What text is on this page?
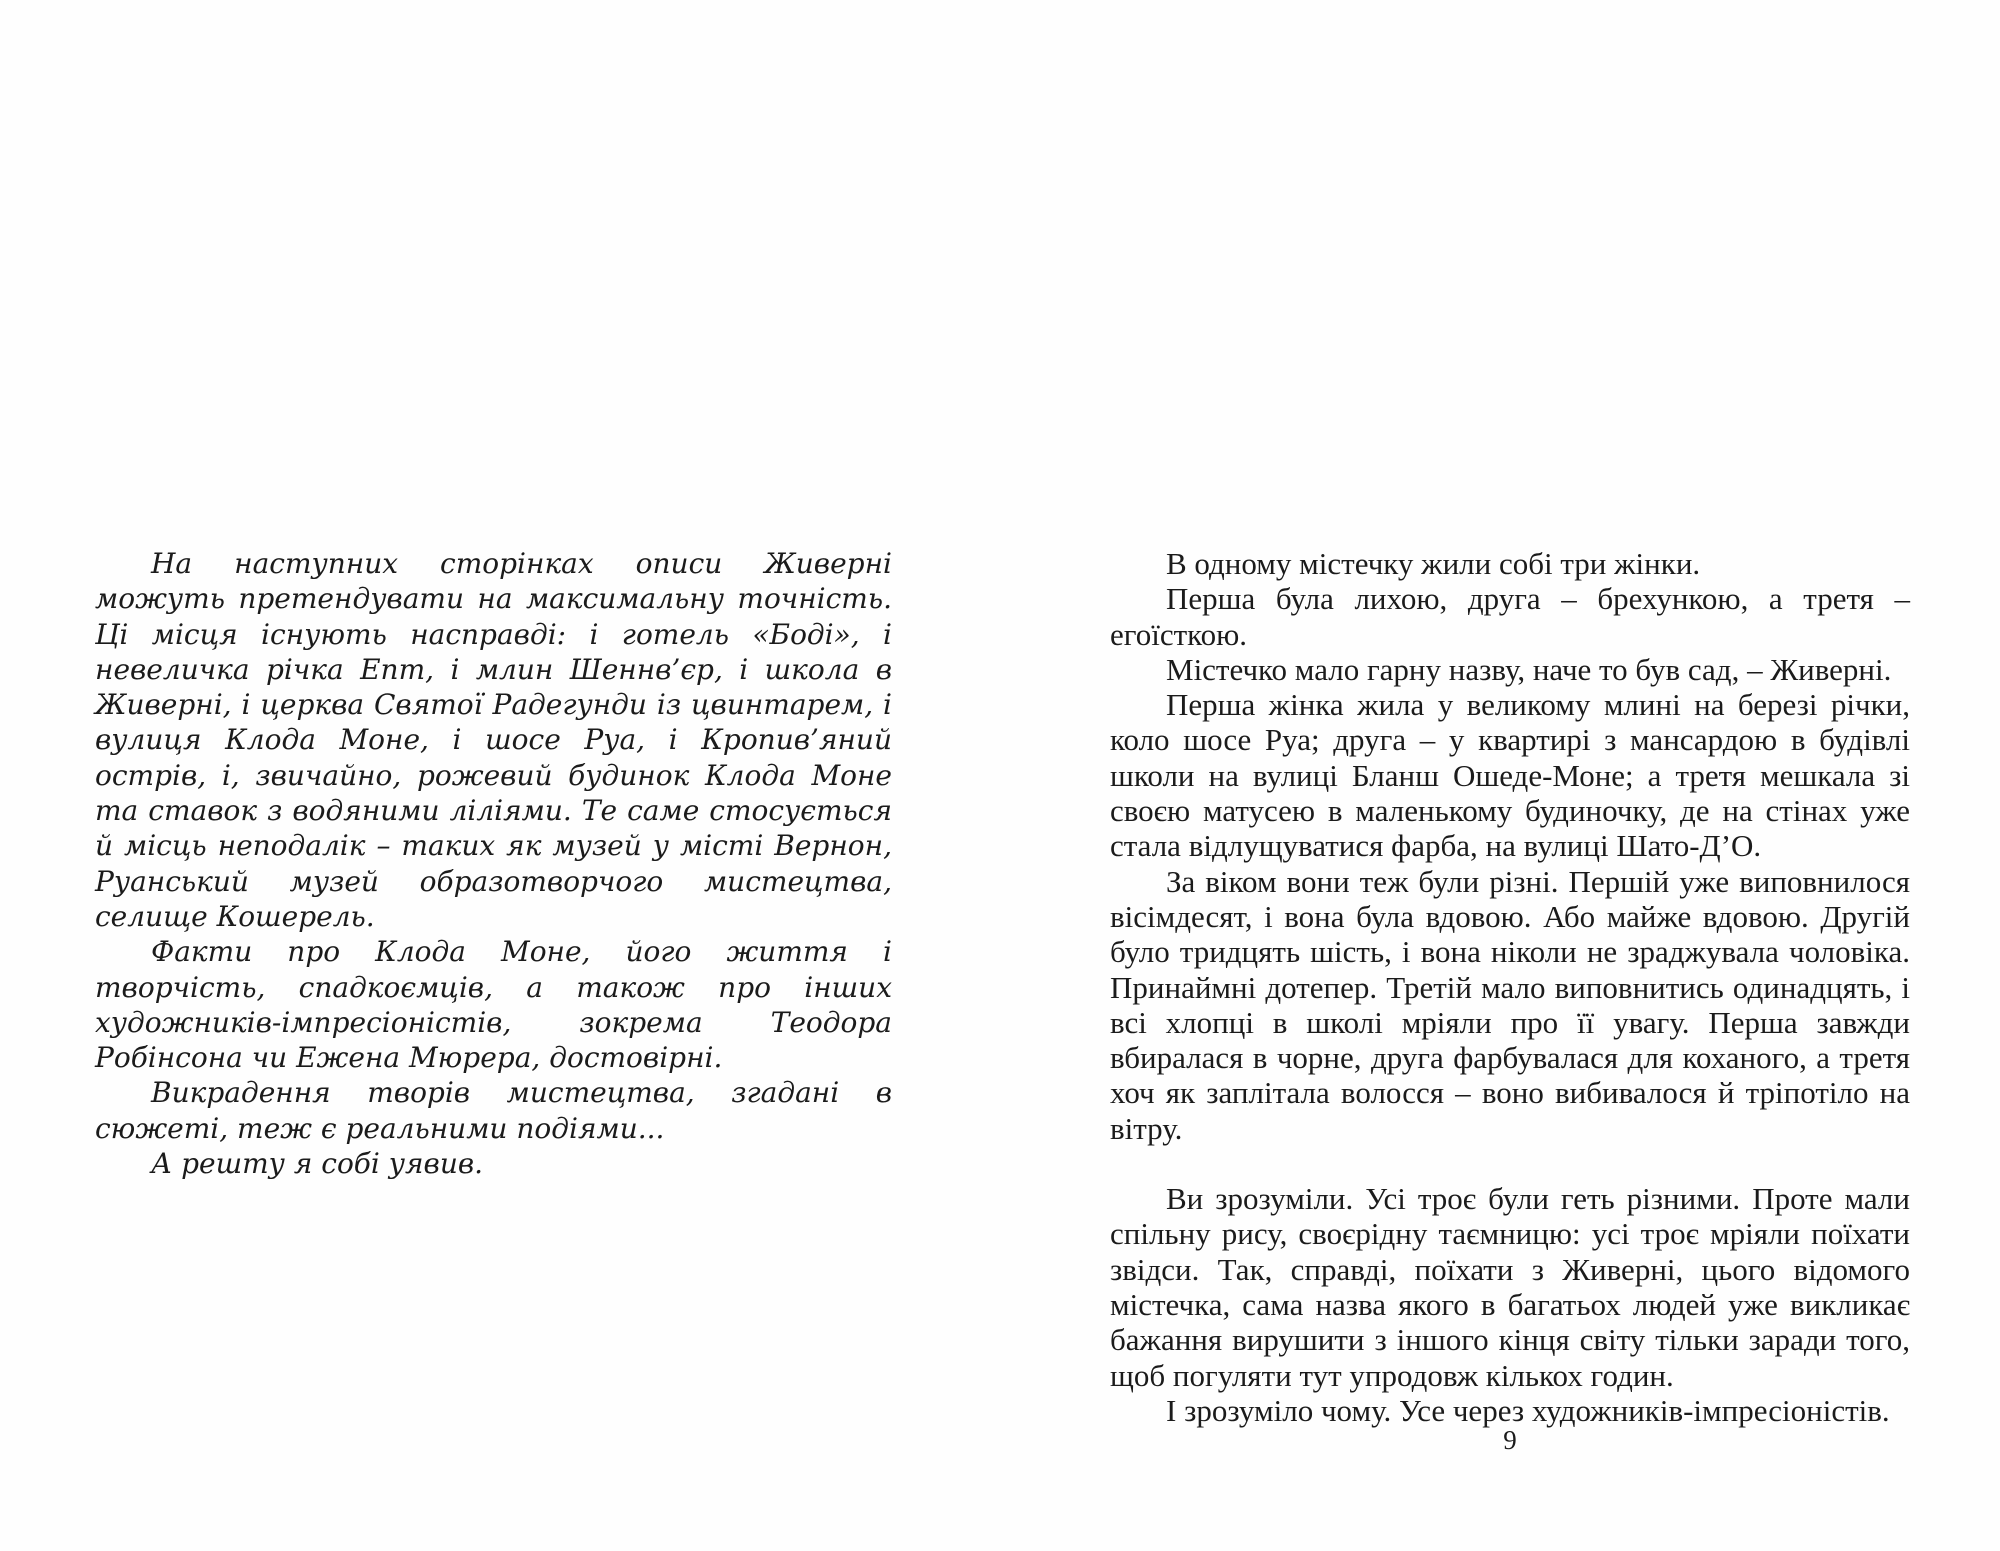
На наступних сторінках описи Живерні можуть претендувати на максимальну точність. Ці місця існують насправді: і готель «Боді», і невеличка річка Епт, і млин Шеннв’єр, і школа в Живерні, і церква Святої Радегунди із цвинтарем, і вулиця Клода Моне, і шосе Руа, і Кропив’яний острів, і, звичайно, рожевий будинок Клода Моне та ставок з водяними ліліями. Те саме стосується й місць неподалік – таких як музей у місті Вернон, Руанський музей образотворчого мистецтва, селище Кошерель.

Факти про Клода Моне, його життя і творчість, спадкоємців, а також про інших художників-імпресіоністів, зокрема Теодора Робінсона чи Ежена Мюрера, достовірні.

Викрадення творів мистецтва, згадані в сюжеті, теж є реальними подіями...

А решту я собі уявив.

В одному містечку жили собі три жінки.

Перша була лихою, друга – брехункою, а третя – егоїсткою.

Містечко мало гарну назву, наче то був сад, – Живерні.

Перша жінка жила у великому млині на березі річки, коло шосе Руа; друга – у квартирі з мансардою в будівлі школи на вулиці Бланш Ошеде-Моне; а третя мешкала зі своєю матусею в маленькому будиночку, де на стінах уже стала відлущуватися фарба, на вулиці Шато-Д’О.

За віком вони теж були різні. Першій уже виповнилося вісімдесят, і вона була вдовою. Або майже вдовою. Другій було тридцять шість, і вона ніколи не зраджувала чоловіка. Принаймні дотепер. Третій мало виповнитись одинадцять, і всі хлопці в школі мріяли про її увагу. Перша завжди вбиралася в чорне, друга фарбувалася для коханого, а третя хоч як заплітала волосся – воно вибивалося й тріпотіло на вітру.

Ви зрозуміли. Усі троє були геть різними. Проте мали спільну рису, своєрідну таємницю: усі троє мріяли поїхати звідси. Так, справді, поїхати з Живерні, цього відомого містечка, сама назва якого в багатьох людей уже викликає бажання вирушити з іншого кінця світу тільки заради того, щоб погуляти тут упродовж кількох годин.

І зрозуміло чому. Усе через художників-імпресіоністів.

9
